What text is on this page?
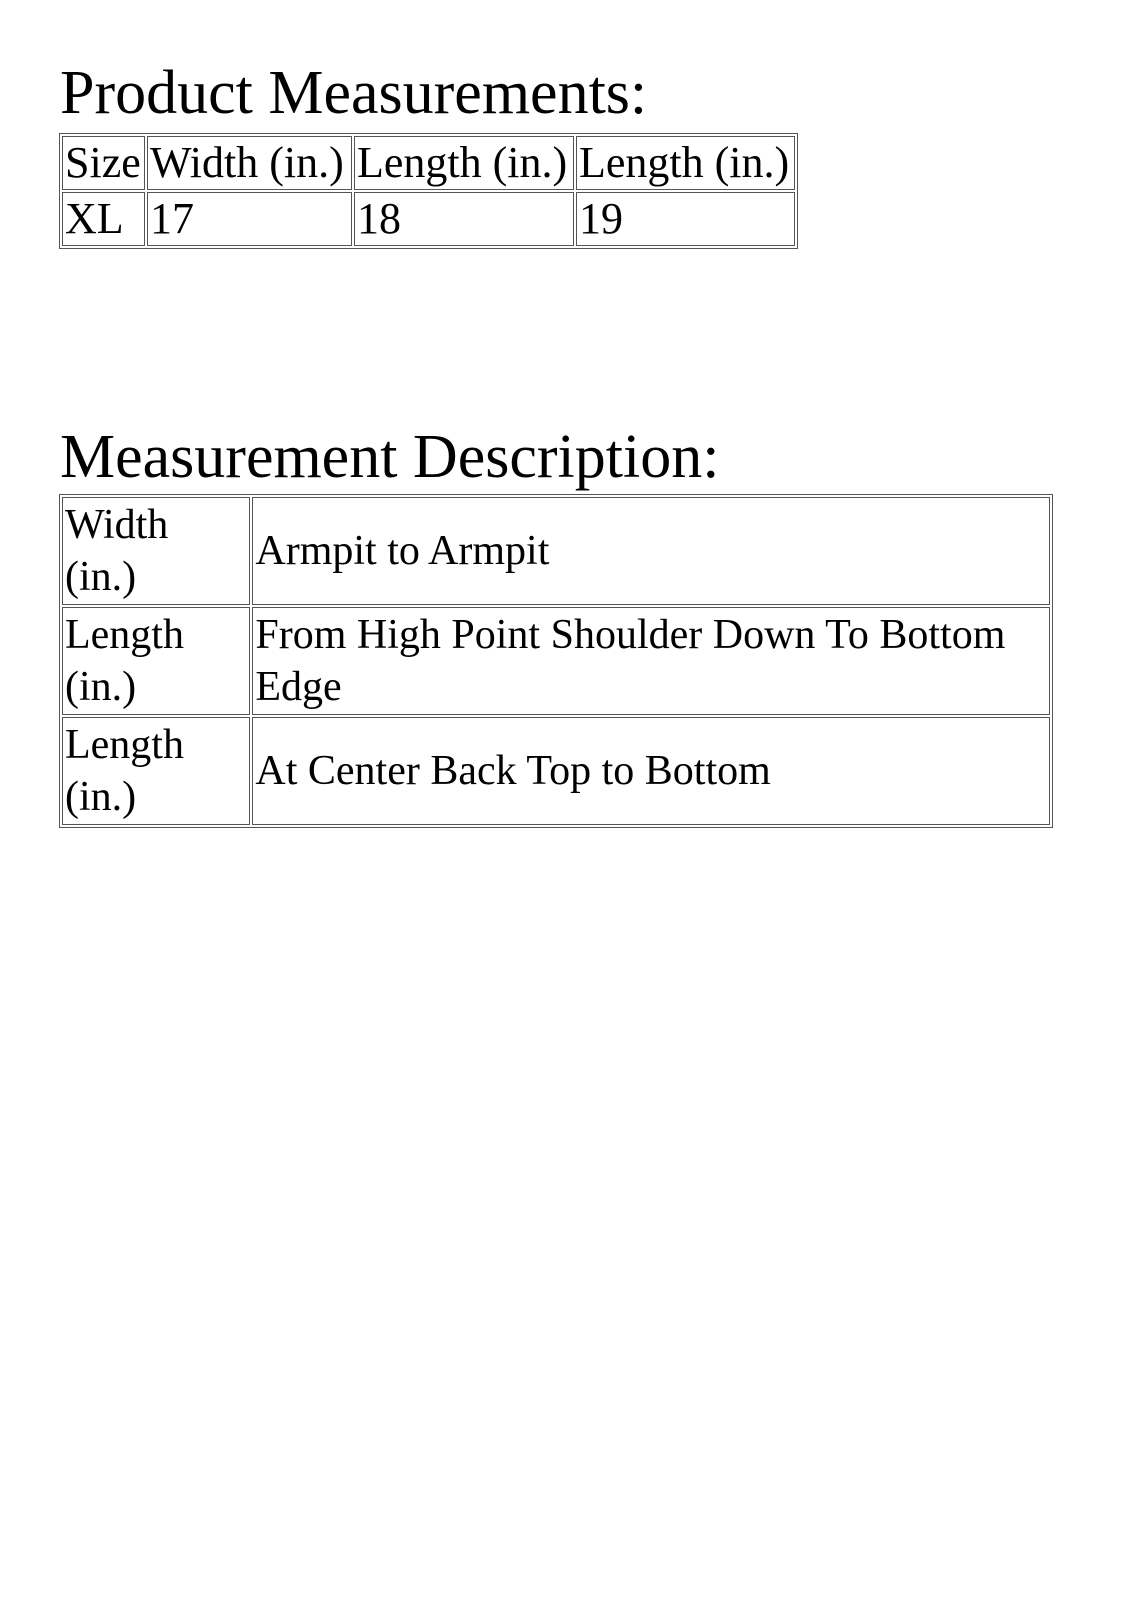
Product Measurements:
Size	Width (in.)	Length (in.)	Length (in.)
XL	17	18	19
Measurement Description:
Width (in.)	Armpit to Armpit
Length (in.)	From High Point Shoulder Down To Bottom Edge
Length (in.)	At Center Back Top to Bottom
